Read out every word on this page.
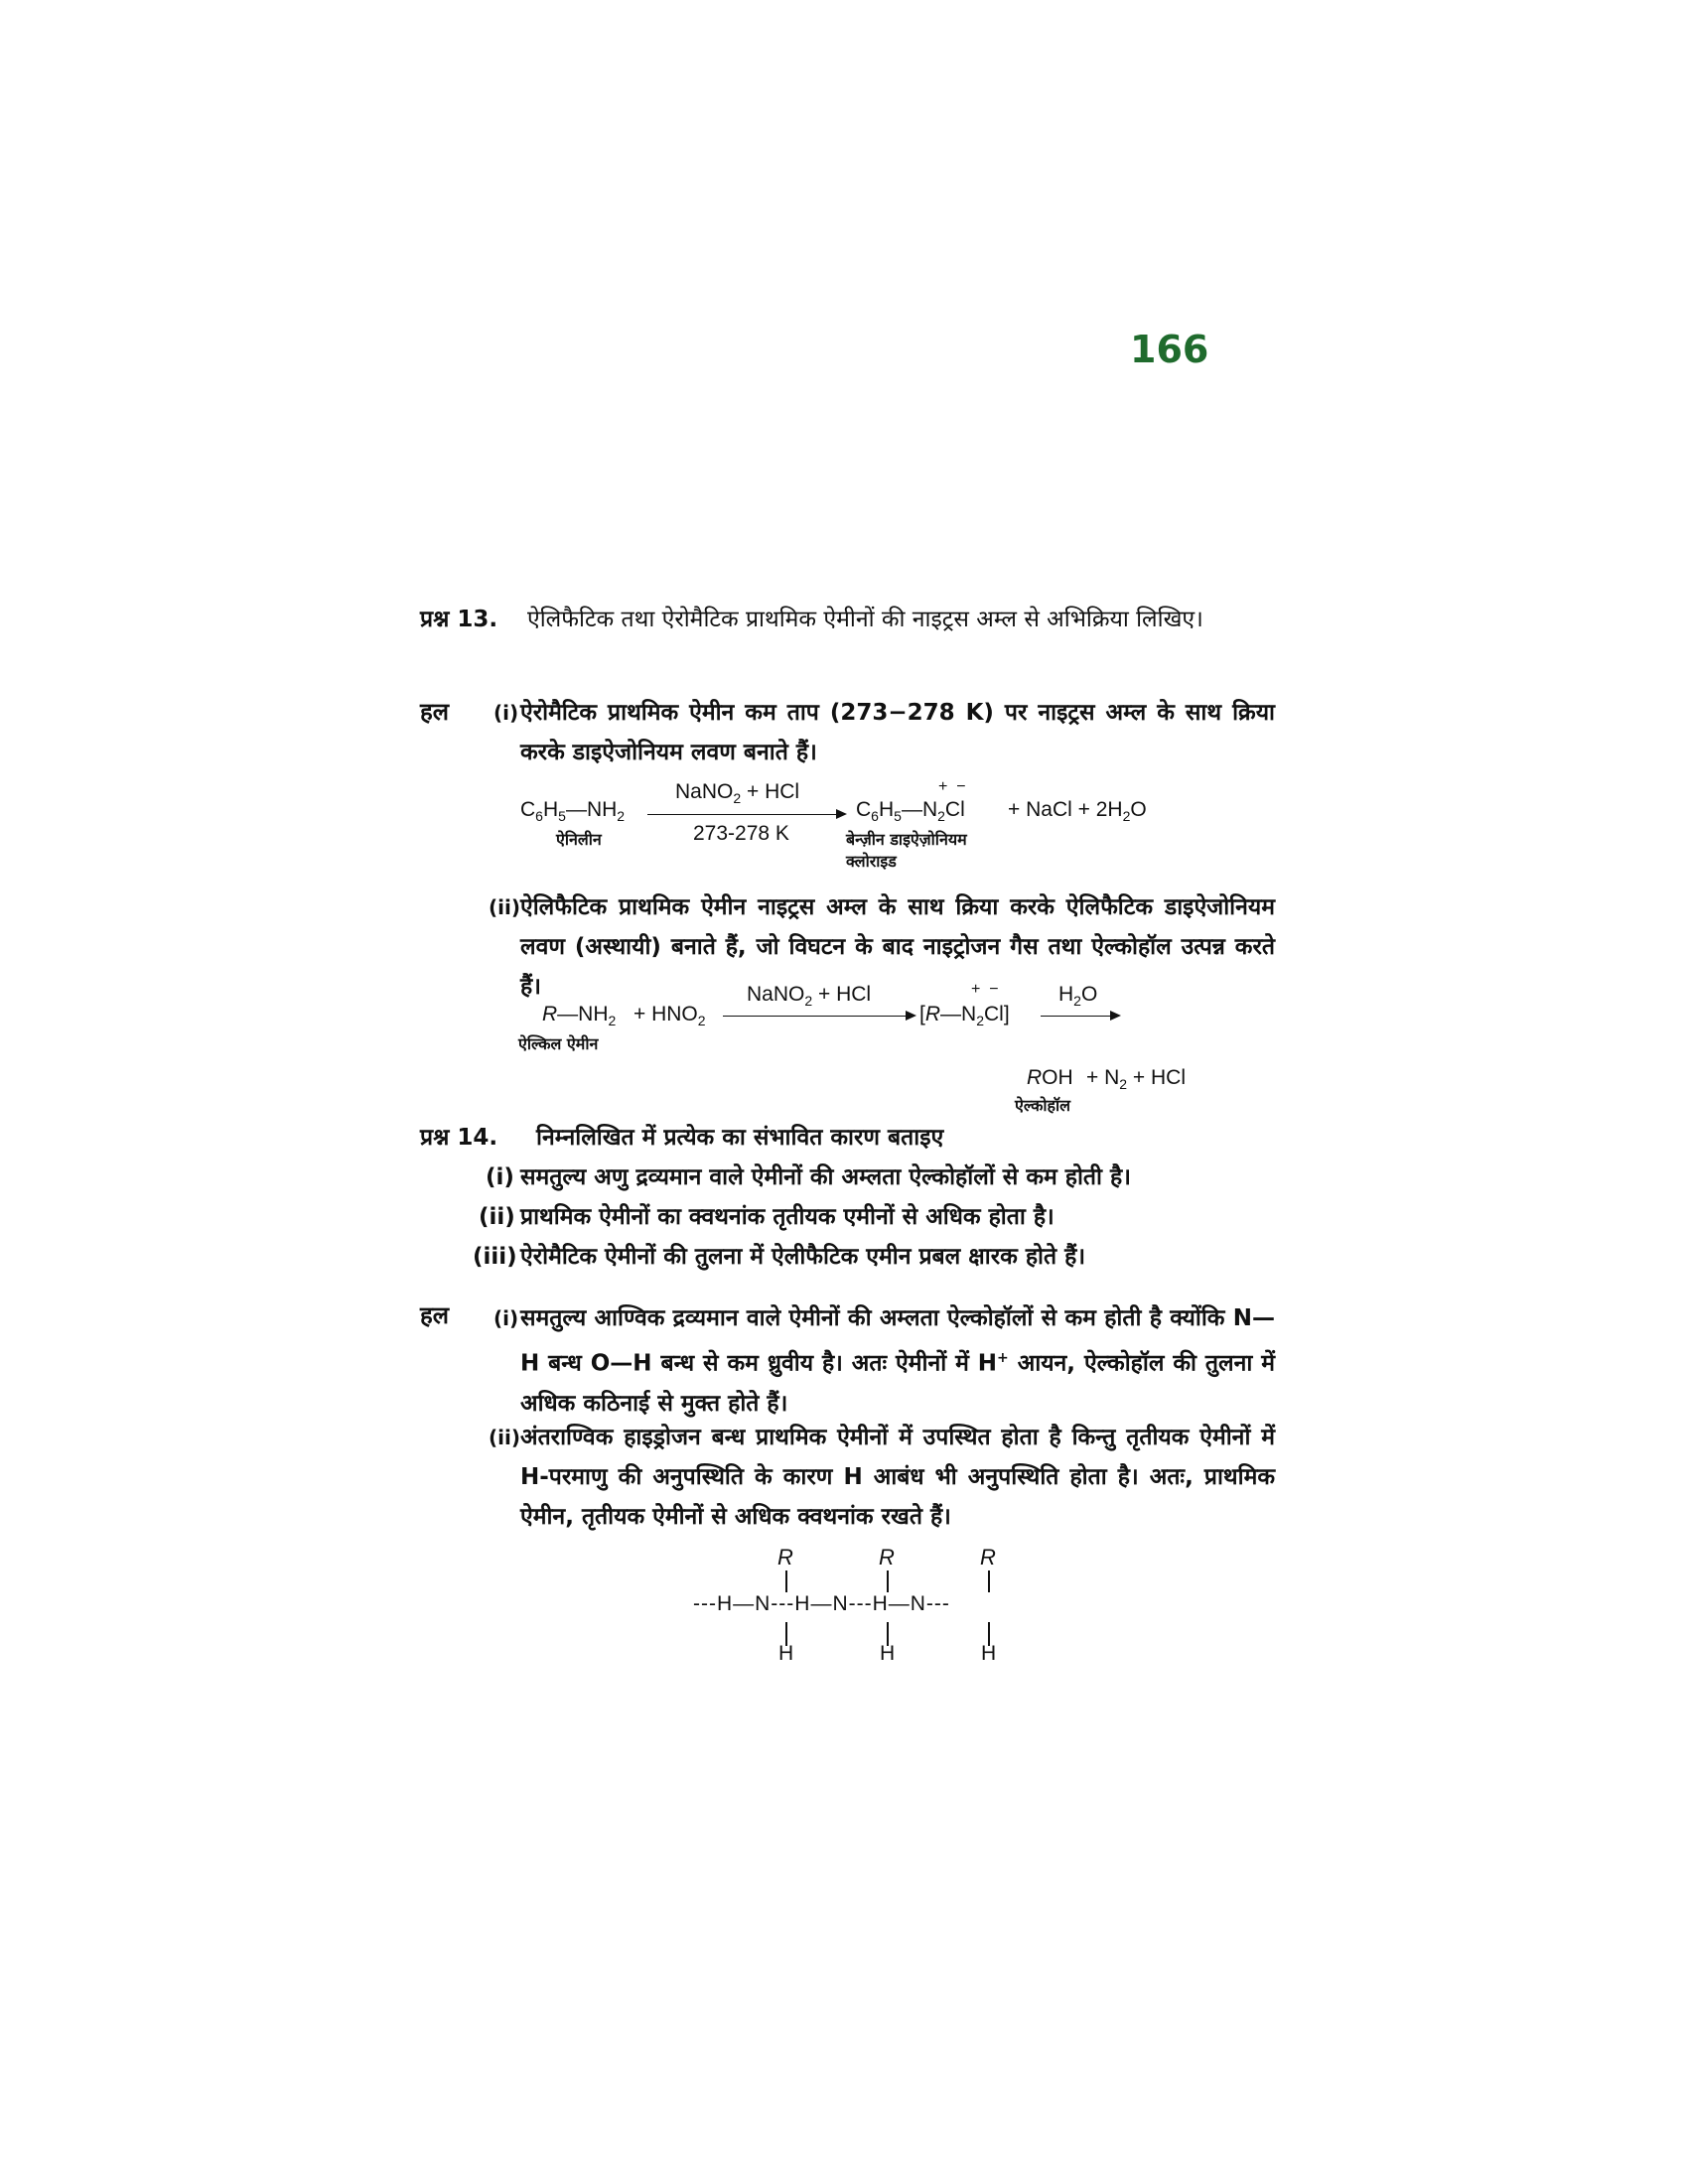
166
प्रश्न 13.	ऐलिफैटिक तथा ऐरोमैटिक प्राथमिक ऐमीनों की नाइट्रस अम्ल से अभिक्रिया लिखिए।
हल (i) ऐरोमैटिक प्राथमिक ऐमीन कम ताप (273−278 K) पर नाइट्रस अम्ल के साथ क्रिया करके डाइऐजोनियम लवण बनाते हैं।
$C_6H_5—NH_2$
ऐनिलीन
NaNO$_2$ + HCl
273-278 K
$C_6H_5—N_2Cl$
+  −
बेन्ज़ीन डाइऐज़ोनियम
क्लोराइड
+ NaCl + $2H_2O$
(ii) ऐलिफैटिक प्राथमिक ऐमीन नाइट्रस अम्ल के साथ क्रिया करके ऐलिफैटिक डाइऐजोनियम लवण (अस्थायी) बनाते हैं, जो विघटन के बाद नाइट्रोजन गैस तथा ऐल्कोहॉल उत्पन्न करते हैं।
$R—NH_2$
ऐल्किल ऐमीन
+ $HNO_2$
NaNO$_2$ + HCl
$[R—N_2Cl]$
+  −	$H_2O$
ROH
ऐल्कोहॉल
+ $N_2$ + HCl
प्रश्न 14. निम्नलिखित में प्रत्येक का संभावित कारण बताइए
(i) समतुल्य अणु द्रव्यमान वाले ऐमीनों की अम्लता ऐल्कोहॉलों से कम होती है।
(ii) प्राथमिक ऐमीनों का क्वथनांक तृतीयक एमीनों से अधिक होता है।
(iii) ऐरोमैटिक ऐमीनों की तुलना में ऐलीफैटिक एमीन प्रबल क्षारक होते हैं।
हल (i) समतुल्य आण्विक द्रव्यमान वाले ऐमीनों की अम्लता ऐल्कोहॉलों से कम होती है क्योंकि N—H बन्ध O—H बन्ध से कम ध्रुवीय है। अतः ऐमीनों में H+ आयन, ऐल्कोहॉल की तुलना में अधिक कठिनाई से मुक्त होते हैं।
(ii) अंतराण्विक हाइड्रोजन बन्ध प्राथमिक ऐमीनों में उपस्थित होता है किन्तु तृतीयक ऐमीनों में H-परमाणु की अनुपस्थिति के कारण H आबंध भी अनुपस्थिति होता है। अतः, प्राथमिक ऐमीन, तृतीयक ऐमीनों से अधिक क्वथनांक रखते हैं।
R	R	R
---H—N---H—N---H—N---
H	H	H
